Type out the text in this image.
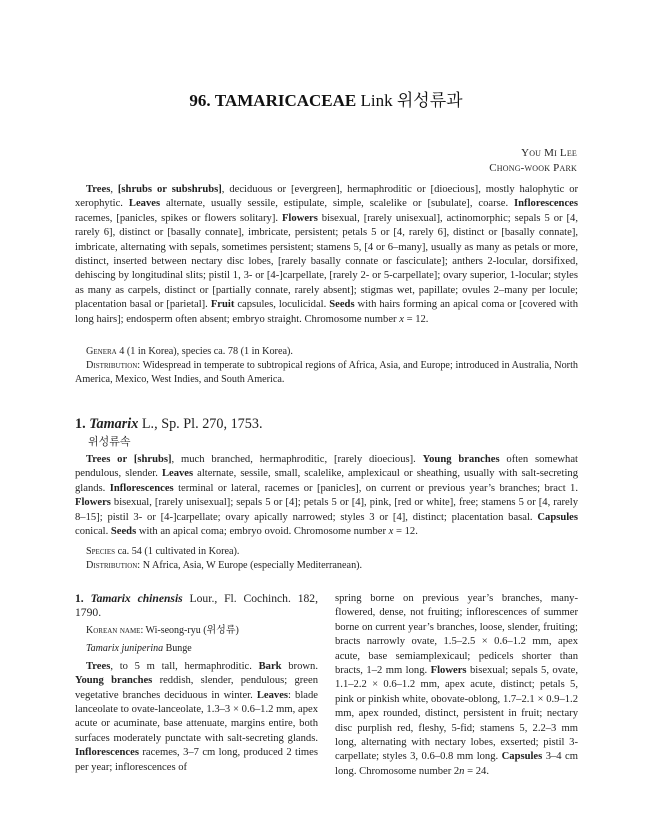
96. TAMARICACEAE Link 위성류과
You Mi Lee
Chong-wook Park
Trees, [shrubs or subshrubs], deciduous or [evergreen], hermaphroditic or [dioecious], mostly halophytic or xerophytic. Leaves alternate, usually sessile, estipulate, simple, scalelike or [subulate], coarse. Inflorescences racemes, [panicles, spikes or flowers solitary]. Flowers bisexual, [rarely unisexual], actinomorphic; sepals 5 or [4, rarely 6], distinct or [basally connate], imbricate, persistent; petals 5 or [4, rarely 6], distinct or [basally connate], imbricate, alternating with sepals, sometimes persistent; stamens 5, [4 or 6–many], usually as many as petals or more, distinct, inserted between nectary disc lobes, [rarely basally connate or fasciculate]; anthers 2-locular, dorsifixed, dehiscing by longitudinal slits; pistil 1, 3- or [4-]carpellate, [rarely 2- or 5-carpellate]; ovary superior, 1-locular; styles as many as carpels, distinct or [partially connate, rarely absent]; stigmas wet, papillate; ovules 2–many per locule; placentation basal or [parietal]. Fruit capsules, loculicidal. Seeds with hairs forming an apical coma or [covered with long hairs]; endosperm often absent; embryo straight. Chromosome number x = 12.
Genera 4 (1 in Korea), species ca. 78 (1 in Korea).
Distribution: Widespread in temperate to subtropical regions of Africa, Asia, and Europe; introduced in Australia, North America, Mexico, West Indies, and South America.
1. Tamarix L., Sp. Pl. 270, 1753.
위성류속
Trees or [shrubs], much branched, hermaphroditic, [rarely dioecious]. Young branches often somewhat pendulous, slender. Leaves alternate, sessile, small, scalelike, amplexicaul or sheathing, usually with salt-secreting glands. Inflorescences terminal or lateral, racemes or [panicles], on current or previous year’s branches; bract 1. Flowers bisexual, [rarely unisexual]; sepals 5 or [4]; petals 5 or [4], pink, [red or white], free; stamens 5 or [4, rarely 8–15]; pistil 3- or [4-]carpellate; ovary apically narrowed; styles 3 or [4], distinct; placentation basal. Capsules conical. Seeds with an apical coma; embryo ovoid. Chromosome number x = 12.
Species ca. 54 (1 cultivated in Korea).
Distribution: N Africa, Asia, W Europe (especially Mediterranean).

1. Tamarix chinensis Lour., Fl. Cochinch. 182, 1790.

Korean name: Wi-seong-ryu (위성류)

Tamarix juniperina Bunge

Trees, to 5 m tall, hermaphroditic. Bark brown. Young branches reddish, slender, pendulous; green vegetative branches deciduous in winter. Leaves: blade lanceolate to ovate-lanceolate, 1.3–3 × 0.6–1.2 mm, apex acute or acuminate, base attenuate, margins entire, both surfaces moderately punctate with salt-secreting glands. Inflorescences racemes, 3–7 cm long, produced 2 times per year; inflorescences of

spring borne on previous year’s branches, many-flowered, dense, not fruiting; inflorescences of summer borne on current year’s branches, loose, slender, fruiting; bracts narrowly ovate, 1.5–2.5 × 0.6–1.2 mm, apex acute, base semiamplexicaul; pedicels shorter than bracts, 1–2 mm long. Flowers bisexual; sepals 5, ovate, 1.1–2.2 × 0.6–1.2 mm, apex acute, distinct; petals 5, pink or pinkish white, obovate-oblong, 1.7–2.1 × 0.9–1.2 mm, apex rounded, distinct, persistent in fruit; nectary disc purplish red, fleshy, 5-fid; stamens 5, 2.2–3 mm long, alternating with nectary lobes, exserted; pistil 3-carpellate; styles 3, 0.6–0.8 mm long. Capsules 3–4 cm long. Chromosome number 2n = 24.
